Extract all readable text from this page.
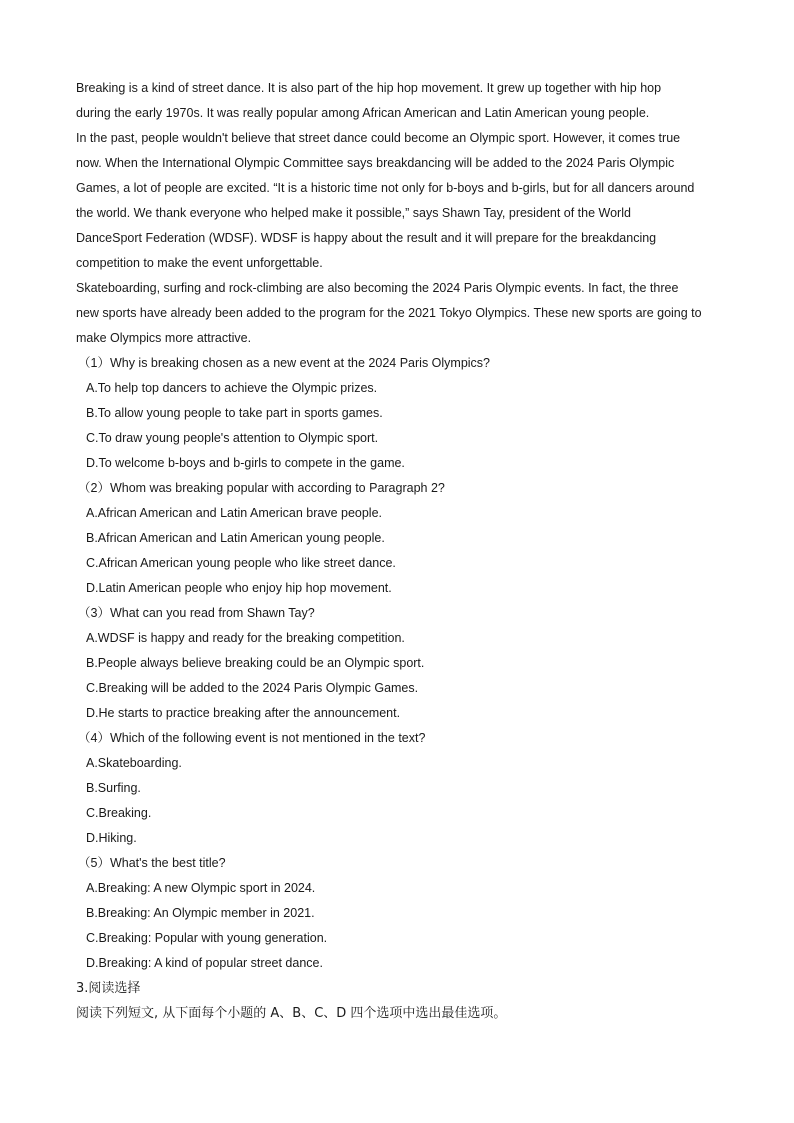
Breaking is a kind of street dance. It is also part of the hip hop movement. It grew up together with hip hop
during the early 1970s. It was really popular among African American and Latin American young people.
In the past, people wouldn't believe that street dance could become an Olympic sport. However, it comes true
now. When the International Olympic Committee says breakdancing will be added to the 2024 Paris Olympic
Games, a lot of people are excited. “It is a historic time not only for b-boys and b-girls, but for all dancers around
the world. We thank everyone who helped make it possible,” says Shawn Tay, president of the World
DanceSport Federation (WDSF). WDSF is happy about the result and it will prepare for the breakdancing
competition to make the event unforgettable.
Skateboarding, surfing and rock-climbing are also becoming the 2024 Paris Olympic events. In fact, the three
new sports have already been added to the program for the 2021 Tokyo Olympics. These new sports are going to
make Olympics more attractive.
（1）Why is breaking chosen as a new event at the 2024 Paris Olympics?
A.To help top dancers to achieve the Olympic prizes.
B.To allow young people to take part in sports games.
C.To draw young people's attention to Olympic sport.
D.To welcome b-boys and b-girls to compete in the game.
（2）Whom was breaking popular with according to Paragraph 2?
A.African American and Latin American brave people.
B.African American and Latin American young people.
C.African American young people who like street dance.
D.Latin American people who enjoy hip hop movement.
（3）What can you read from Shawn Tay?
A.WDSF is happy and ready for the breaking competition.
B.People always believe breaking could be an Olympic sport.
C.Breaking will be added to the 2024 Paris Olympic Games.
D.He starts to practice breaking after the announcement.
（4）Which of the following event is not mentioned in the text?
A.Skateboarding.
B.Surfing.
C.Breaking.
D.Hiking.
（5）What's the best title?
A.Breaking: A new Olympic sport in 2024.
B.Breaking: An Olympic member in 2021.
C.Breaking: Popular with young generation.
D.Breaking: A kind of popular street dance.
3.阅读选择
阅读下列短文, 从下面每个小题的 A、B、C、D 四个选项中选出最佳选项。
